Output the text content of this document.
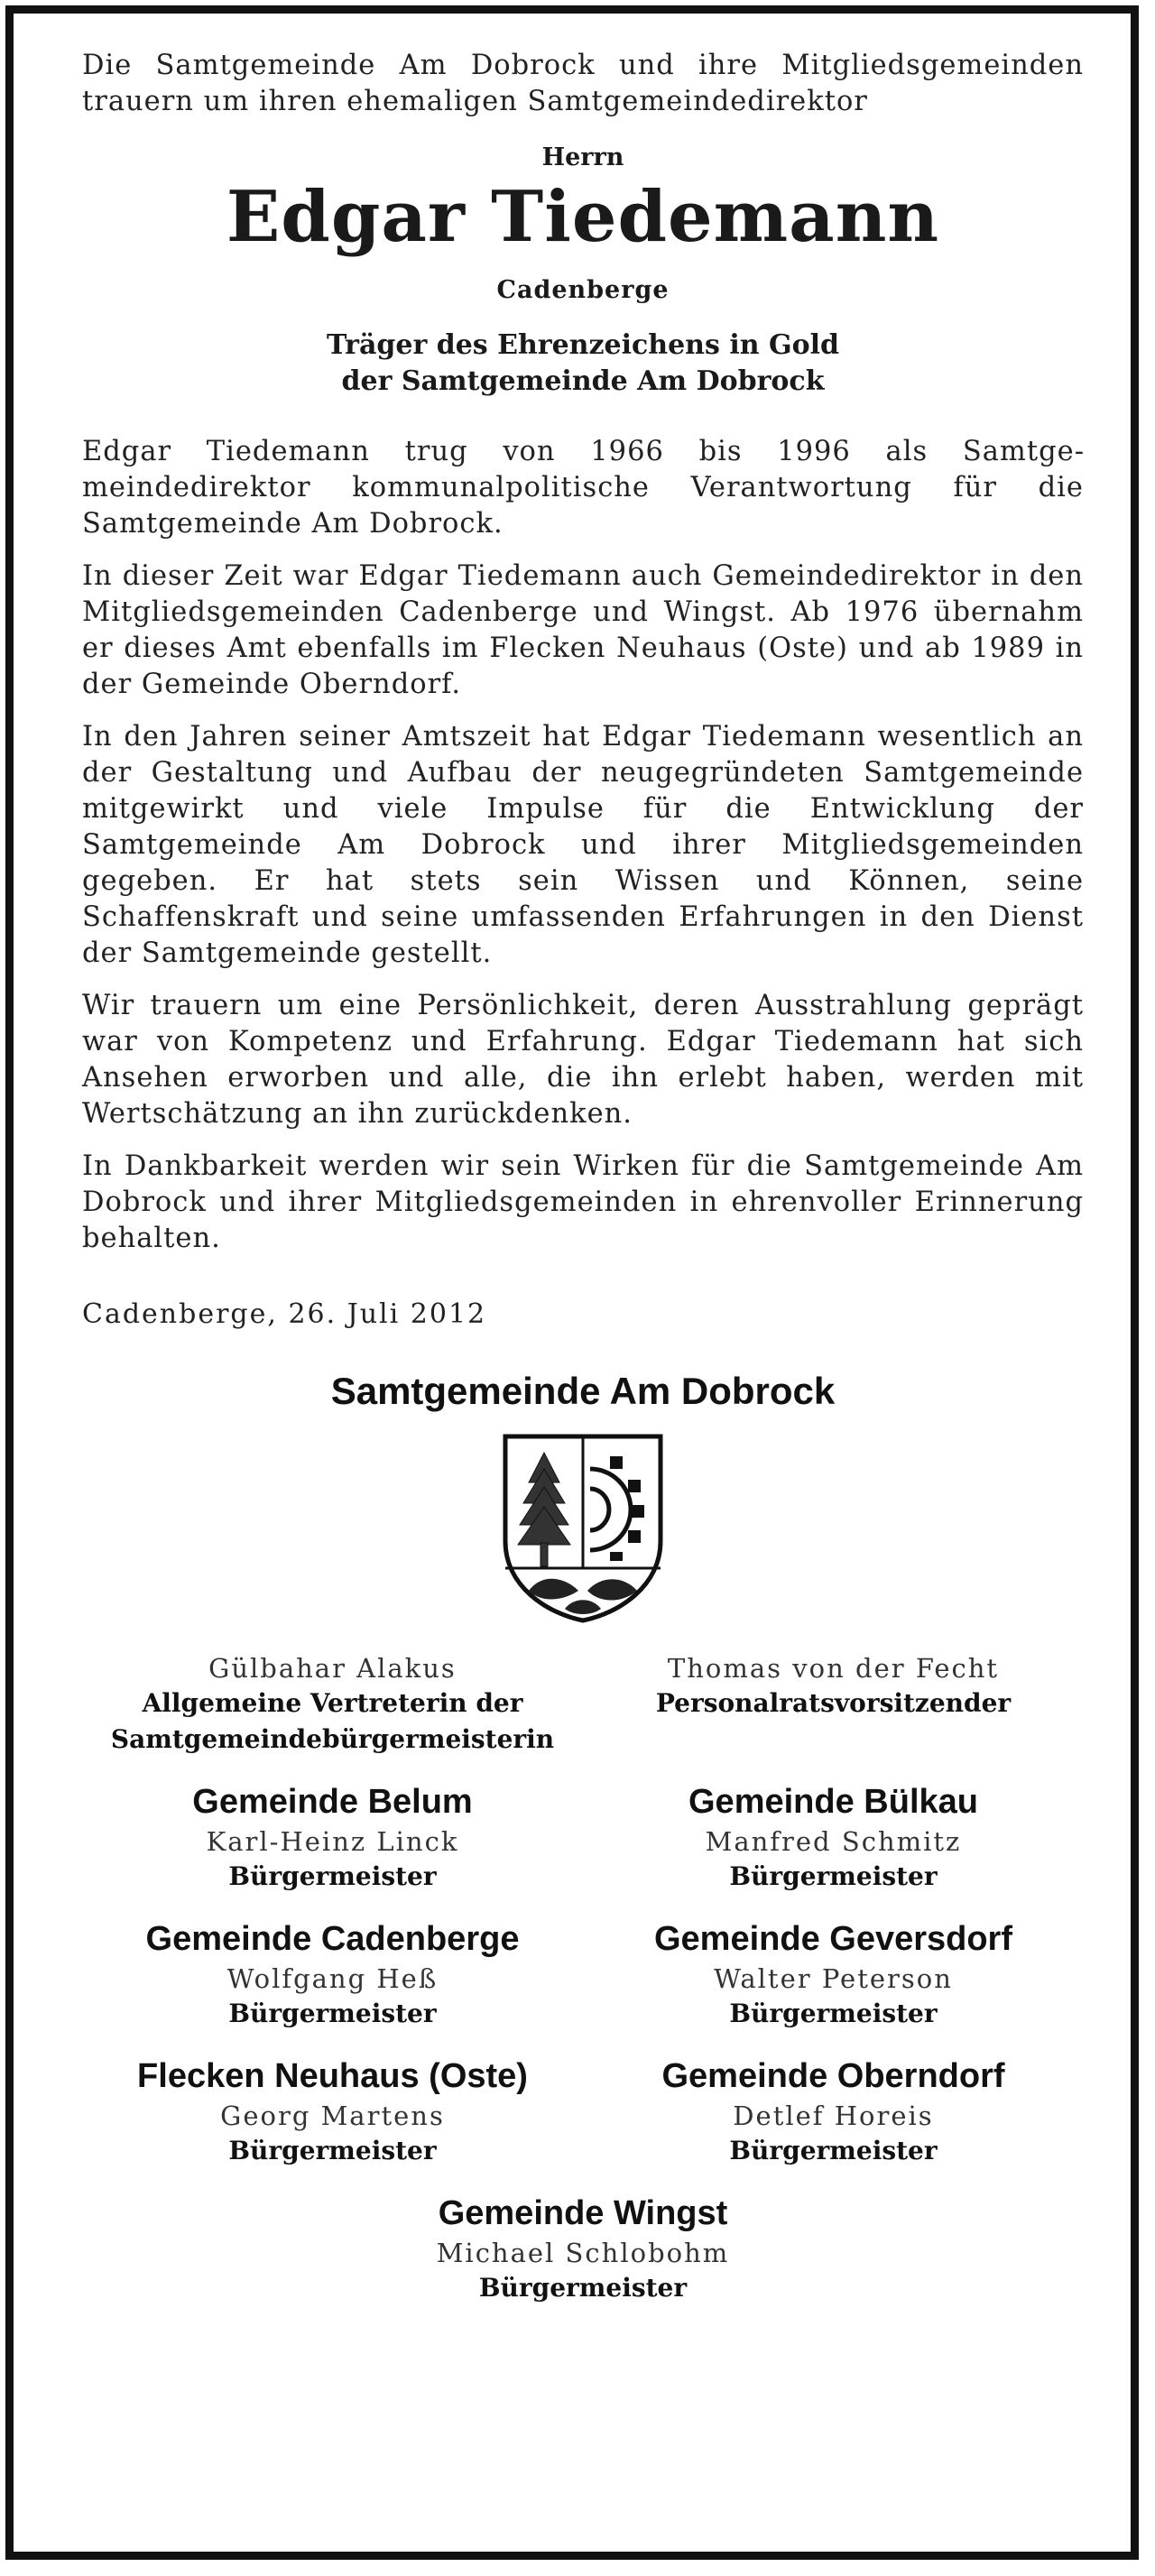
Die Samtgemeinde Am Dobrock und ihre Mitgliedsgemeinden trauern um ihren ehemaligen Samtgemeindedirektor

Herrn
Edgar Tiedemann
Cadenberge
Träger des Ehrenzeichens in Gold
der Samtgemeinde Am Dobrock

Edgar Tiedemann trug von 1966 bis 1996 als Samtgemeindedirektor kommunalpolitische Verantwortung für die Samtgemeinde Am Dobrock.

In dieser Zeit war Edgar Tiedemann auch Gemeindedirektor in den Mitgliedsgemeinden Cadenberge und Wingst. Ab 1976 übernahm er dieses Amt ebenfalls im Flecken Neuhaus (Oste) und ab 1989 in der Gemeinde Oberndorf.

In den Jahren seiner Amtszeit hat Edgar Tiedemann wesentlich an der Gestaltung und Aufbau der neugegründeten Samtgemeinde mitgewirkt und viele Impulse für die Entwicklung der Samtgemeinde Am Dobrock und ihrer Mitgliedsgemeinden gegeben. Er hat stets sein Wissen und Können, seine Schaffenskraft und seine umfassenden Erfahrungen in den Dienst der Samtgemeinde gestellt.

Wir trauern um eine Persönlichkeit, deren Ausstrahlung geprägt war von Kompetenz und Erfahrung. Edgar Tiedemann hat sich Ansehen erworben und alle, die ihn erlebt haben, werden mit Wertschätzung an ihn zurückdenken.

In Dankbarkeit werden wir sein Wirken für die Samtgemeinde Am Dobrock und ihrer Mitgliedsgemeinden in ehrenvoller Erinnerung behalten.

Cadenberge, 26. Juli 2012
Samtgemeinde Am Dobrock
Gülbahar Alakus
Allgemeine Vertreterin der
Samtgemeindebürgermeisterin
Thomas von der Fecht
Personalratsvorsitzender
Gemeinde Belum
Karl-Heinz Linck
Bürgermeister
Gemeinde Bülkau
Manfred Schmitz
Bürgermeister
Gemeinde Cadenberge
Wolfgang Heß
Bürgermeister
Gemeinde Geversdorf
Walter Peterson
Bürgermeister
Flecken Neuhaus (Oste)
Georg Martens
Bürgermeister
Gemeinde Oberndorf
Detlef Horeis
Bürgermeister
Gemeinde Wingst
Michael Schlobohm
Bürgermeister
